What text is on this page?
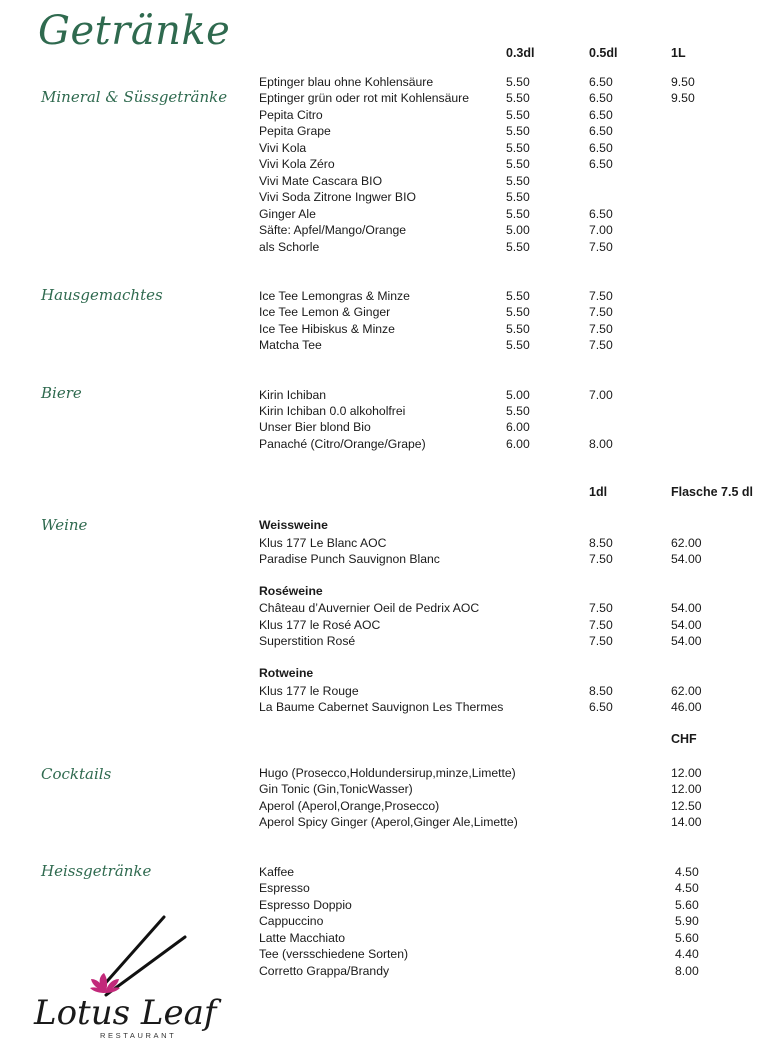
Getränke	0.3dl	0.5dl	1L
Mineral & Süssgetränke
Eptinger blau ohne Kohlensäure	5.50	6.50	9.50
Eptinger grün oder rot mit Kohlensäure	5.50	6.50	9.50
Pepita Citro	5.50	6.50
Pepita Grape	5.50	6.50
Vivi Kola	5.50	6.50
Vivi Kola Zéro	5.50	6.50
Vivi Mate Cascara BIO	5.50
Vivi Soda Zitrone Ingwer BIO	5.50
Ginger Ale	5.50	6.50
Säfte: Apfel/Mango/Orange	5.00	7.00
als Schorle	5.50	7.50
Hausgemachtes	Ice Tee Lemongras & Minze	5.50	7.50
Ice Tee Lemon & Ginger	5.50	7.50
Ice Tee Hibiskus & Minze	5.50	7.50
Matcha Tee	5.50	7.50
Biere	Kirin Ichiban	5.00	7.00
Kirin Ichiban 0.0 alkoholfrei	5.50
Unser Bier blond Bio	6.00
Panaché (Citro/Orange/Grape)	6.00	8.00
1dl	Flasche 7.5 dl
Weine	Weissweine
Klus 177 Le Blanc AOC	8.50	62.00
Paradise Punch Sauvignon Blanc	7.50	54.00
Roséweine
Château d’Auvernier Oeil de Pedrix AOC	7.50	54.00
Klus 177 le Rosé AOC	7.50	54.00
Superstition Rosé	7.50	54.00
Rotweine
Klus 177 le Rouge	8.50	62.00
La Baume Cabernet Sauvignon Les Thermes	6.50	46.00
CHF
Cocktails	Hugo (Prosecco,Holdundersirup,minze,Limette)	12.00
Gin Tonic (Gin,TonicWasser)	12.00
Aperol (Aperol,Orange,Prosecco)	12.50
Aperol Spicy Ginger (Aperol,Ginger Ale,Limette)	14.00
Heissgetränke	Kaffee	4.50
Espresso	4.50
Espresso Doppio	5.60
Cappuccino	5.90
Latte Macchiato	5.60
Tee (versschiedene Sorten)	4.40
Corretto Grappa/Brandy	8.00
Lotus Leaf
RESTAURANT
